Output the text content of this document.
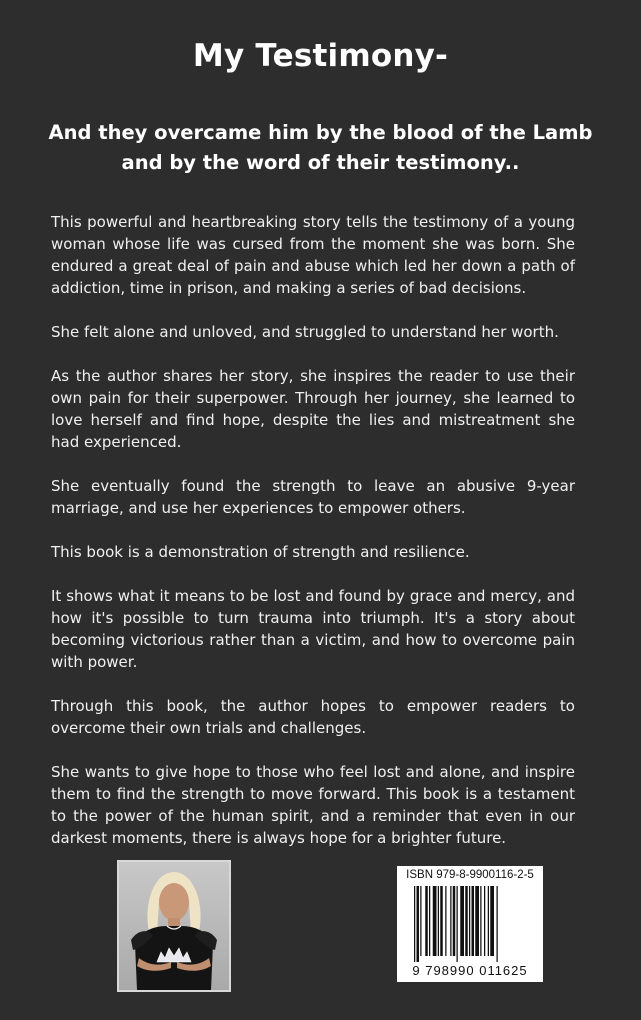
My Testimony-
And they overcame him by the blood of the Lamb
and by the word of their testimony..

This powerful and heartbreaking story tells the testimony of a young woman whose life was cursed from the moment she was born. She endured a great deal of pain and abuse which led her down a path of addiction, time in prison, and making a series of bad decisions.

She felt alone and unloved, and struggled to understand her worth.

As the author shares her story, she inspires the reader to use their own pain for their superpower. Through her journey, she learned to love herself and find hope, despite the lies and mistreatment she had experienced.

She eventually found the strength to leave an abusive 9-year marriage, and use her experiences to empower others.

This book is a demonstration of strength and resilience.

It shows what it means to be lost and found by grace and mercy, and how it's possible to turn trauma into triumph. It's a story about becoming victorious rather than a victim, and how to overcome pain with power.

Through this book, the author hopes to empower readers to overcome their own trials and challenges.

She wants to give hope to those who feel lost and alone, and inspire them to find the strength to move forward. This book is a testament to the power of the human spirit, and a reminder that even in our darkest moments, there is always hope for a brighter future.

ISBN 979-8-9900116-2-5
9 798990 011625
